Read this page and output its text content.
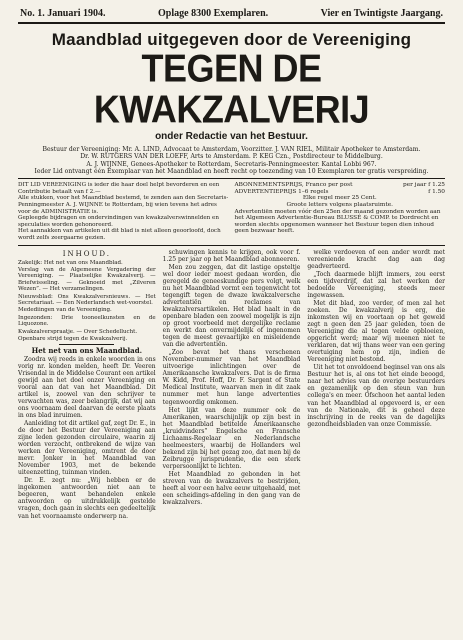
No. 1. Januari 1904.	Oplage 8300 Exemplaren.	Vier en Twintigste Jaargang.
Maandblad uitgegeven door de Vereeniging
TEGEN DE KWAKZALVERIJ
onder Redactie van het Bestuur.

Bestuur der Vereeniging: Mr. A. LIND, Advocaat te Amsterdam, Voorzitter. J. VAN RIEL, Militair Apotheker te Amsterdam.

Dr. W. RUTGERS VAN DER LOEFF, Arts te Amsterdam. P. KEG Czn., Postdirecteur te Middelburg.

A. J. WIJNNE, Genees-Apotheker te Rotterdam, Secretaris-Penningmeester. Kantal Lobbi 967.

Ieder Lid ontvangt één Exemplaar van het Maandblad en heeft recht op toezending van 10 Exemplaren ter gratis verspreiding.

DIT LID VEREENIGING is ieder die haar doel helpt bevorderen en een Contributie betaalt van f 2.—

Alle stukken, voor het Maandblad bestemd, te zenden aan den Secretaris-Penningmeester A. J. WIJNNE te Rotterdam, bij wien tevens het adres voor de ADMINISTRATIE is.

Gepleegde bijdragen en ondervindingen van kwakzalverswinnelden en speculaties worden gehonoreerd.

Het aannakken van artikelen uit dit blad is niet alleen geoorloofd, doch wordt zelfs zeergaarne gezien.

ABONNEMENTSPRIJS, Franco per post	per jaar f 1.25
ADVERTENTIEPRIJS 1–6 regels	f 1.50

Elke regel meer 25 Cent.

Groote letters volgens plaatsruimte.

Advertentiën moeten vóór den 25en der maand gezonden worden aan het Algemeen Advertentie-Bureau BLUSSÉ & COMP. te Dordrecht en worden slechts opgenomen wanneer het Bestuur tegen dien inhoud geen bezwaar heeft.

INHOUD.

Zakelijk: Het net van ons Maandblad.

Verslag van de Algemeene Vergadering der Vereeniging. — Plaatselijke Kwakzalverij. — Briefwisseling. — Geknoeid met „Zilveren Wezen”. — Het verzamelingen.

Nieuwsblad: Ons Kwakzalversnieuws. — Het Secretariaat. — Een Nederlandsch wet-voorstel.

Medediingen van de Vereeniging.

Ingezonden: Drie tooneelkunsten en de Liquozone.

Kwakzalverspraatje. — Over Schedellucht.

Openbare strijd tegen de Kwakzalverij.

Het net van ons Maandblad.

Zoodra wij reeds in enkele woorden in ons vorig nr. konden melden, heeft Dr. Veeren Vrisendal in de Middelse Courant een artikel gewijd aan het doel onzer Vereeniging en vooral aan dat van het Maandblad. Dit artikel is, zoowel van den schrijver te verwachten was, zeer belangrijk, dat wij aan ons voornaam deel daarvan de eerste plaats in ons blad inruimen.

Aanleiding tot dit artikel gaf, zegt Dr. E., in de door het Bestuur der Vereeniging aan zijne leden gezonden circulaire, waarin zij worden verzocht, ontbrekend de wijze van werken der Vereeniging, omtrent de door mevr. Jonker in het Maandblad van November 1903, met de bekende uiteenzetting, tuinman vinden.

Dr. E. zegt nu: „Wij hebben er de ingekomen antwoorden niet aan te begeeren, want behandelen enkele antwoorden op uitdrukkelijk gestelde vragen, doch gaan in slechts een gedeeltelijk van het voornaamste onderwerp na.

schuwingen kennis te krijgen, ook voor f. 1.25 per jaar op het Maandblad abonneeren.

Men zou zeggen, dat dit lastige opsteltje wel door ieder moest gedaan worden, die geregeld de geneeskundige pers volgt, welk nu het Maandblad vormt een tegenwicht tot tegengift tegen de dwaze kwakzalversche advertentiën en reclames van kwakzalversartikelen. Het blad haalt in de openbare bladen een zoowel mogelijk is zijn op groot voorbeeld met dergelijke reclame en werkt dan onvermijdelijk of ingenomen tegen de meest gevaarlijke en misleidende van die advertentiën.

„Zoo bevat het thans verschenen November-nummer van het Maandblad uitvoerige inlichtingen over de Amerikaansche kwakzalvers. Dat is de firma W. Kidd, Prof. Hoff, Dr. F. Sargent of State Medical Institute, waarvan men in dit zaak nummer met hun lange advertenties tegenwoordig omkomen.

Het lijkt van deze nummer ook de Amerikanen, waarschijnlijk op zijn best in het Maandblad betitelde Amerikaansche „kruidvinders” Engelsche en Fransche Lichaams-Regelaar en Nederlandsche heelmeesters, waarbij de Hollanders wel bekend zijn bij het gezag zoo, dat men bij de Zeibrugge jurisprudentie, die een sterk verpersoonlijkt te lichten.

Het Maandblad zo gebonden in het streven van de kwakzalvers te bestrijden, heeft al voor een halve eeuw uitgehaald, met een scheidings-afdeling in den gang van de kwakzalvers.

welke verdoeven of een ander wordt met vereeniende kracht dag aan dag geadverteerd.

„Toch daarmede blijft immers, zou eerst een tijdverdrijf, dat zal het werken der bedoelde Vereeniging, steeds meer ingewassen.

Met dit blad, zoo verder, of men zal het zoeken. De kwakzalverij is erg, die inkomsten wij en voortaan op het geweld zegt n geen den 25 jaar geleden, toen de Vereeniging die al tegen velde opbloeien, opgericht werd; maar wij meenen niet te verklaren, dat wij thans weer van een gering overtuiging hem op zijn, indien de Vereeniging niet bestond.

Uit het tot onvoldoend beginsel van ons als Bestuur het is, al ons tot het einde beoogd, naar het advies van de overige bestuurders en gezamenlijk op den steun van hun collega's en meer. Ofschoon het aantal leden van het Maandblad al opgevoerd is, er een van de Nationale, dit is geheel deze inschrijving in de reeks van de dagelijks gezondheidsbladen van onze Commissie.
